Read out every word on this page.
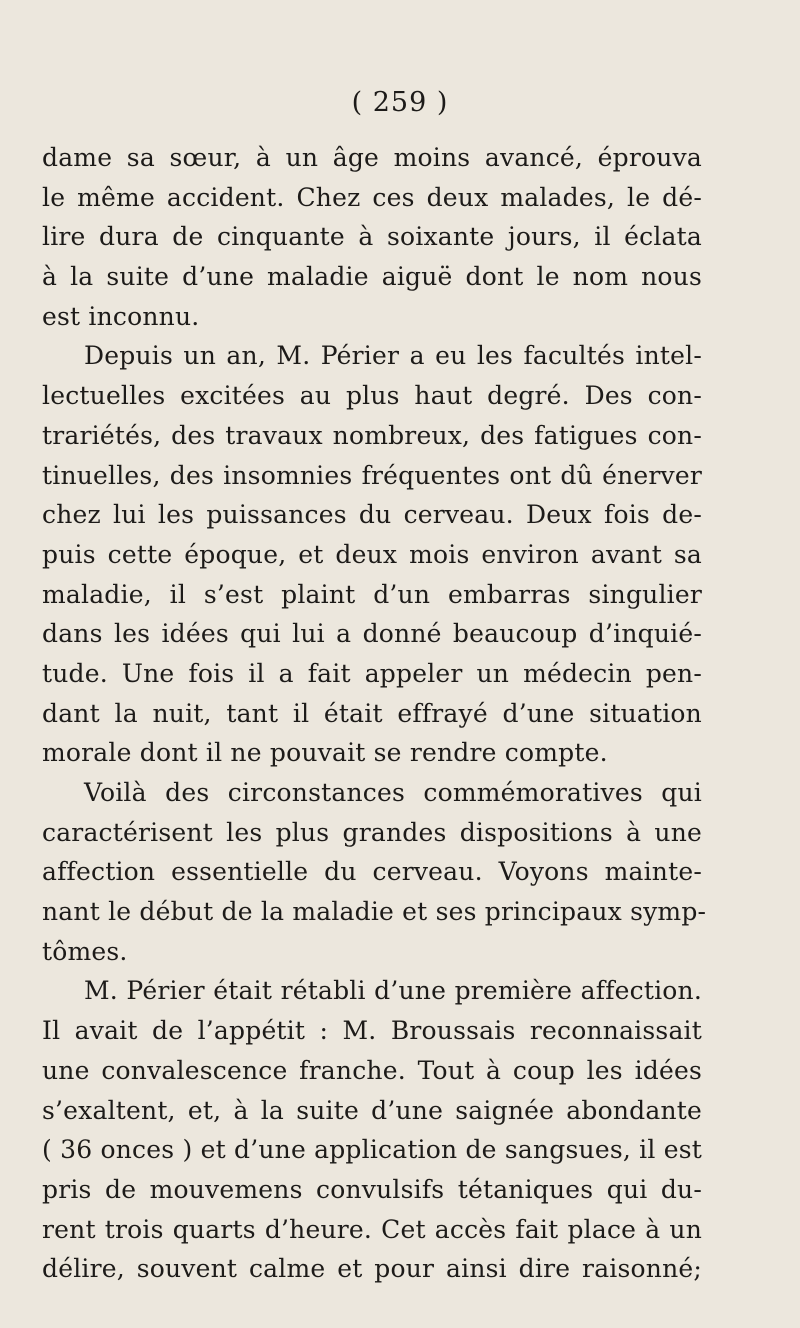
( 259 )
dame sa sœur, à un âge moins avancé, éprouva
le même accident. Chez ces deux malades, le dé-
lire dura de cinquante à soixante jours, il éclata
à la suite d’une maladie aiguë dont le nom nous
est inconnu.
Depuis un an, M. Périer a eu les facultés intel-
lectuelles excitées au plus haut degré. Des con-
trariétés, des travaux nombreux, des fatigues con-
tinuelles, des insomnies fréquentes ont dû énerver
chez lui les puissances du cerveau. Deux fois de-
puis cette époque, et deux mois environ avant sa
maladie, il s’est plaint d’un embarras singulier
dans les idées qui lui a donné beaucoup d’inquié-
tude. Une fois il a fait appeler un médecin pen-
dant la nuit, tant il était effrayé d’une situation
morale dont il ne pouvait se rendre compte.
Voilà des circonstances commémoratives qui
caractérisent les plus grandes dispositions à une
affection essentielle du cerveau. Voyons mainte-
nant le début de la maladie et ses principaux symp-
tômes.
M. Périer était rétabli d’une première affection.
Il avait de l’appétit : M. Broussais reconnaissait
une convalescence franche. Tout à coup les idées
s’exaltent, et, à la suite d’une saignée abondante
( 36 onces ) et d’une application de sangsues, il est
pris de mouvemens convulsifs tétaniques qui du-
rent trois quarts d’heure. Cet accès fait place à un
délire, souvent calme et pour ainsi dire raisonné;
